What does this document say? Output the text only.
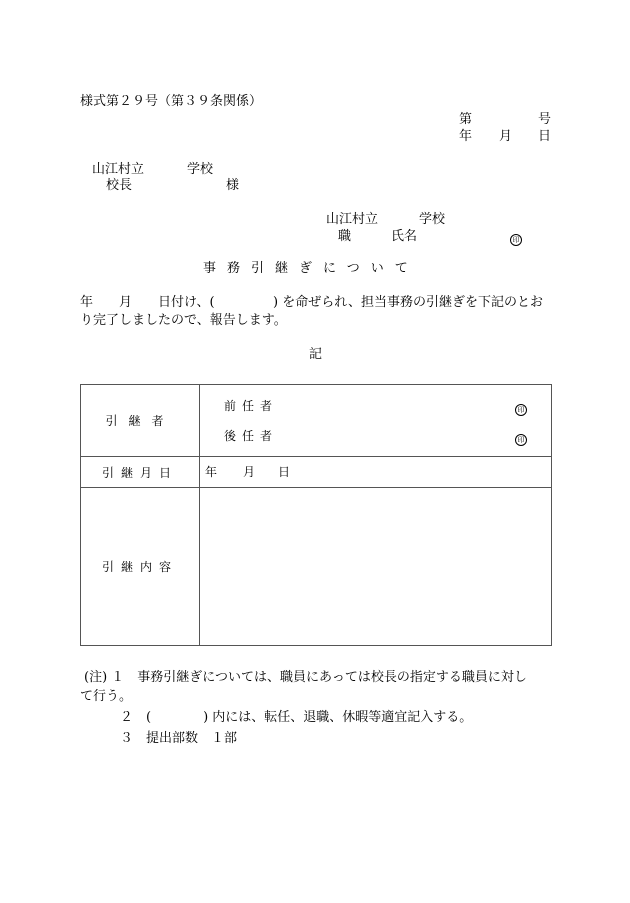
様式第２９号（第３９条関係）
第	号
年 月 日
山江村立	学校
校長	様
山江村立	学校
職	氏名	印
事務引継ぎについて
年 月 日付け、(	) を命ぜられ、担当事務の引継ぎを下記のとお
り完了しましたので、報告します。
記
引継者	前任者 印
後任者 印

引継月日	年 月 日

引継内容	
(注) １　事務引継ぎについては、職員にあっては校長の指定する職員に対し
て行う。
２　(　　　　) 内には、転任、退職、休暇等適宜記入する。
３　提出部数　１部
